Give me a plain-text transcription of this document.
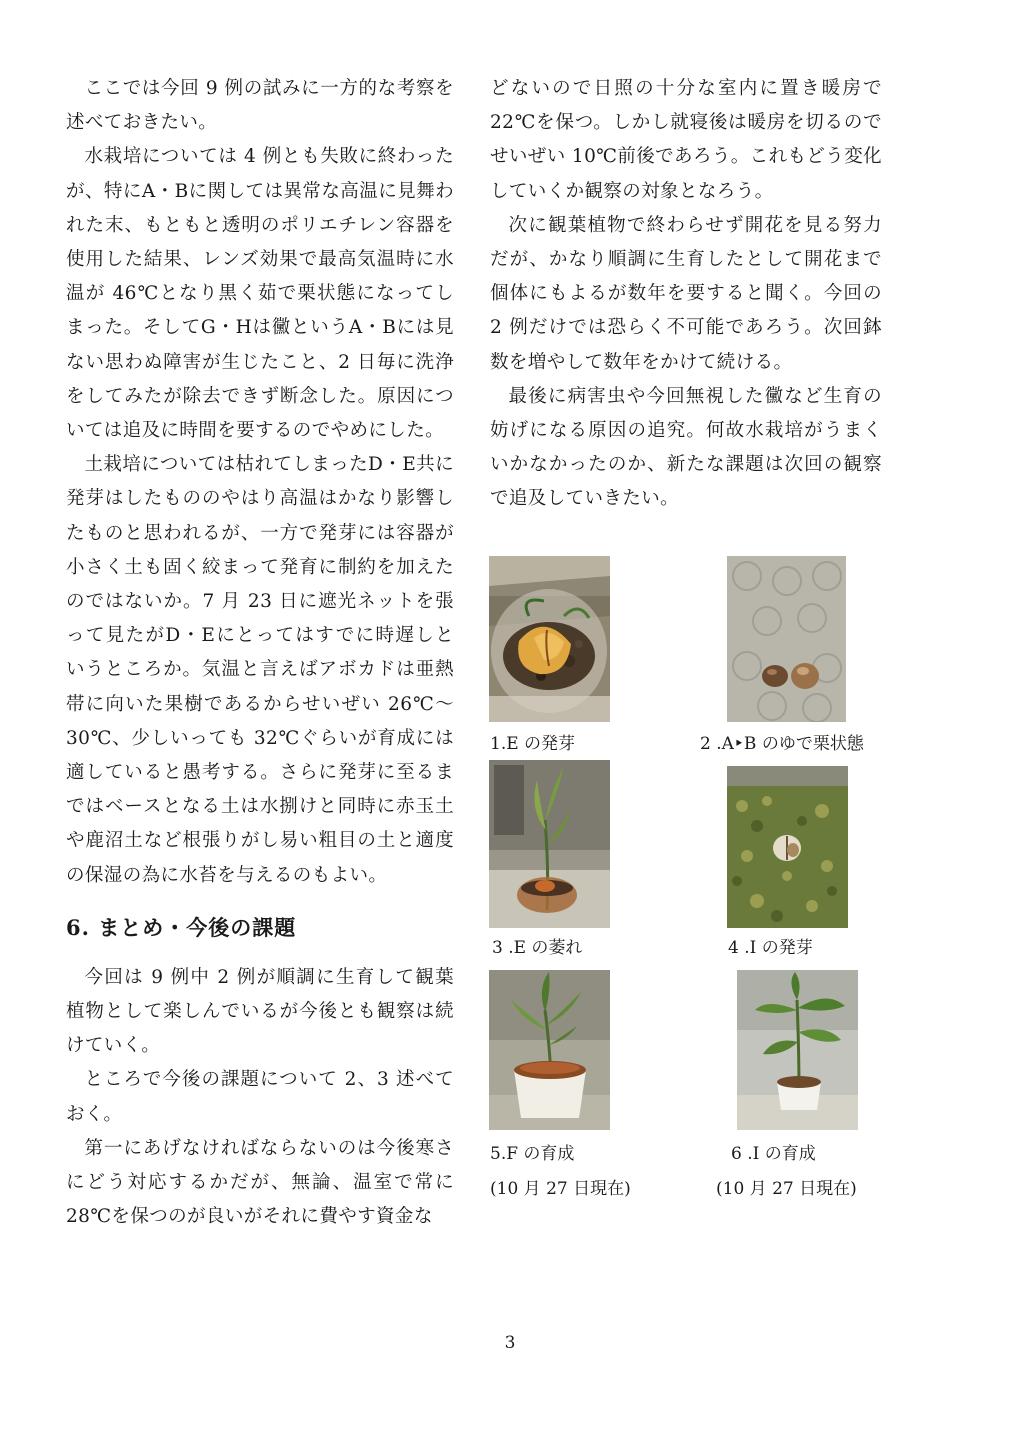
ここでは今回 9 例の試みに一方的な考察を述べておきたい。

水栽培については 4 例とも失敗に終わったが、特にA・Bに関しては異常な高温に見舞われた末、もともと透明のポリエチレン容器を使用した結果、レンズ効果で最高気温時に水温が 46℃となり黒く茹で栗状態になってしまった。そしてG・Hは黴というA・Bには見ない思わぬ障害が生じたこと、2 日毎に洗浄をしてみたが除去できず断念した。原因については追及に時間を要するのでやめにした。

土栽培については枯れてしまったD・E共に発芽はしたもののやはり高温はかなり影響したものと思われるが、一方で発芽には容器が小さく土も固く絞まって発育に制約を加えたのではないか。7 月 23 日に遮光ネットを張って見たがD・Eにとってはすでに時遅しというところか。気温と言えばアボカドは亜熱帯に向いた果樹であるからせいぜい 26℃～30℃、少しいっても 32℃ぐらいが育成には適していると愚考する。さらに発芽に至るまではベースとなる土は水捌けと同時に赤玉土や鹿沼土など根張りがし易い粗目の土と適度の保湿の為に水苔を与えるのもよい。

6. まとめ・今後の課題

今回は 9 例中 2 例が順調に生育して観葉植物として楽しんでいるが今後とも観察は続けていく。

ところで今後の課題について 2、3 述べておく。

第一にあげなければならないのは今後寒さにどう対応するかだが、無論、温室で常に 28℃を保つのが良いがそれに費やす資金な

どないので日照の十分な室内に置き暖房で 22℃を保つ。しかし就寝後は暖房を切るのでせいぜい 10℃前後であろう。これもどう変化していくか観察の対象となろう。

次に観葉植物で終わらせず開花を見る努力だが、かなり順調に生育したとして開花まで個体にもよるが数年を要すると聞く。今回の 2 例だけでは恐らく不可能であろう。次回鉢数を増やして数年をかけて続ける。

最後に病害虫や今回無視した黴など生育の妨げになる原因の追究。何故水栽培がうまくいかなかったのか、新たな課題は次回の観察で追及していきたい。

1.E の発芽	2 .A‣B のゆで栗状態
3 .E の萎れ	4 .I の発芽
5.F の育成
(10 月 27 日現在)
6 .I の育成
(10 月 27 日現在)
3
